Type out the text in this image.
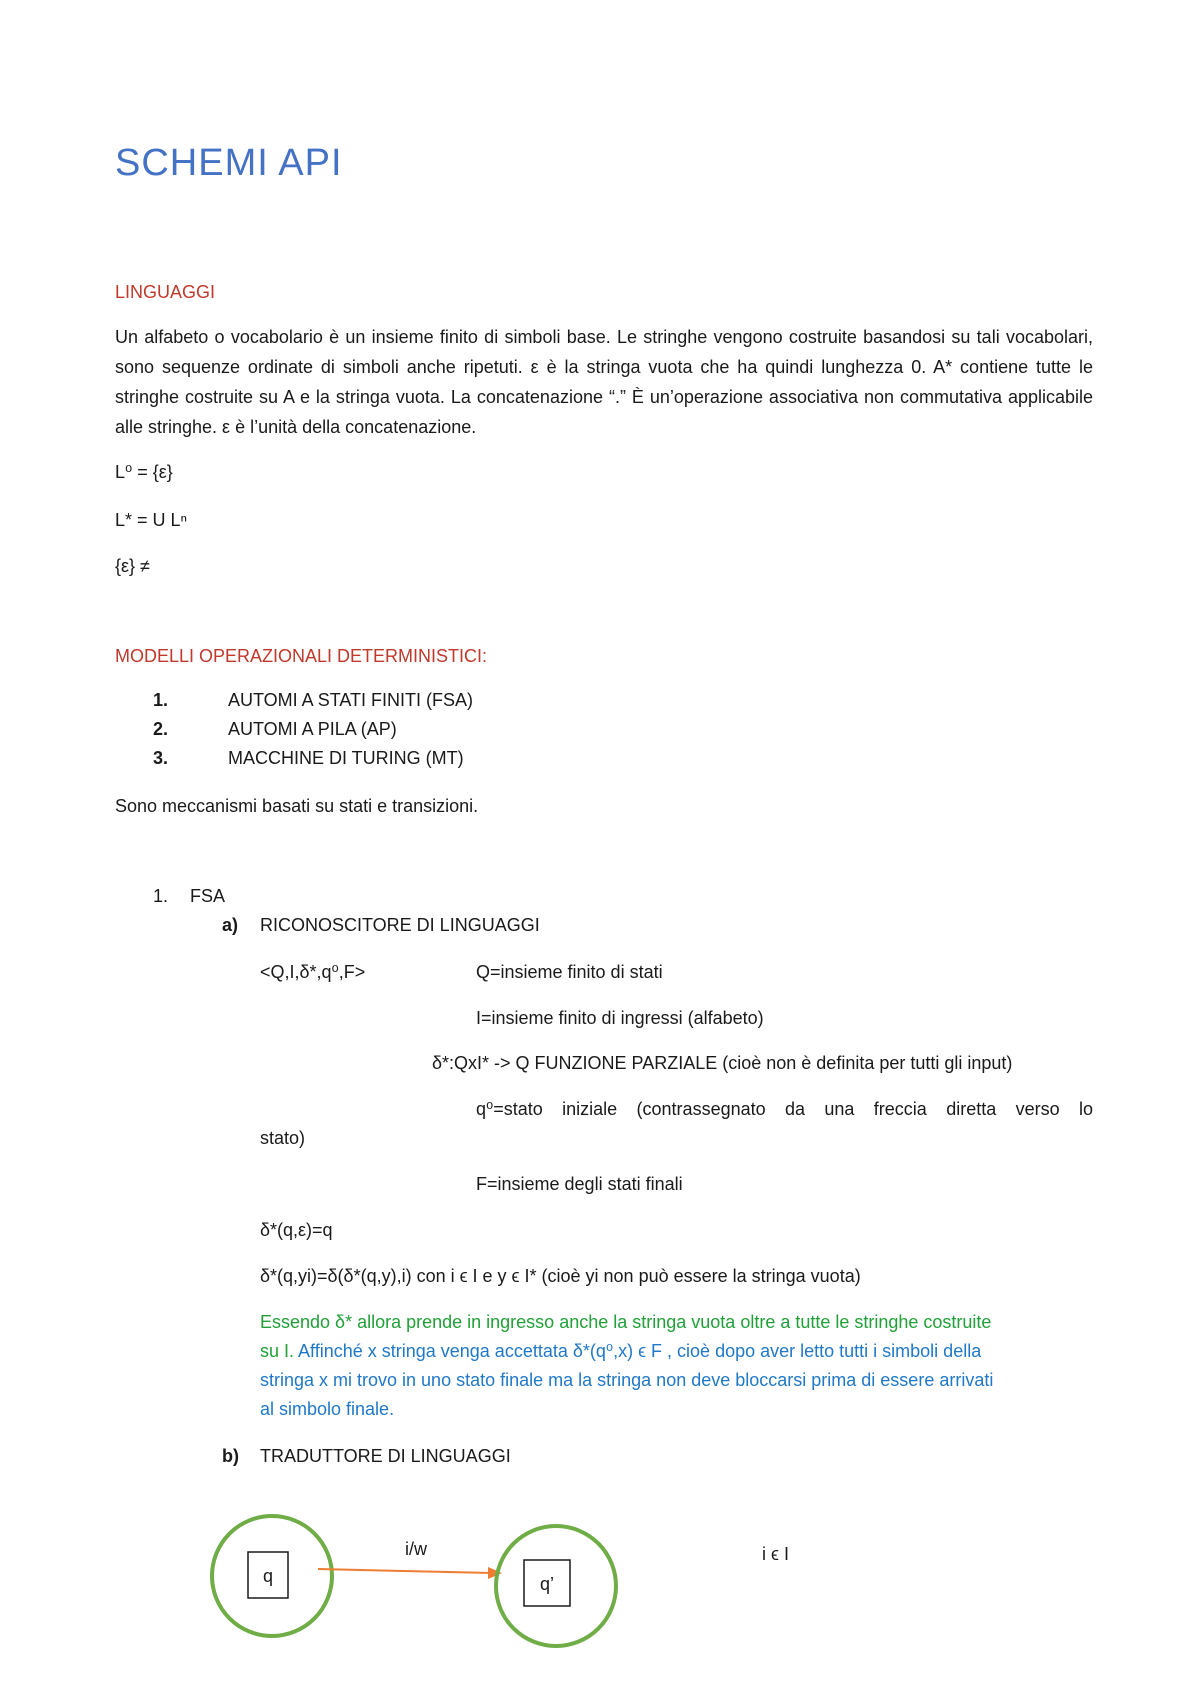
SCHEMI API
LINGUAGGI
Un alfabeto o vocabolario è un insieme finito di simboli base. Le stringhe vengono costruite basandosi su tali vocabolari, sono sequenze ordinate di simboli anche ripetuti. ε è la stringa vuota che ha quindi lunghezza 0. A* contiene tutte le stringhe costruite su A e la stringa vuota. La concatenazione “.” È un’operazione associativa non commutativa applicabile alle stringhe. ε è l’unità della concatenazione.
L⁰ = {ε}
L* = U Lⁿ
{ε} ≠
MODELLI OPERAZIONALI DETERMINISTICI:
1.	AUTOMI A STATI FINITI (FSA)
2.	AUTOMI A PILA (AP)
3.	MACCHINE DI TURING (MT)
Sono meccanismi basati su stati e transizioni.
1. FSA
a) RICONOSCITORE DI LINGUAGGI
<Q,I,δ*,q⁰,F>	Q=insieme finito di stati
I=insieme finito di ingressi (alfabeto)
δ*:QxI* -> Q FUNZIONE PARZIALE (cioè non è definita per tutti gli input)
q⁰=stato iniziale (contrassegnato da una freccia diretta verso lo
stato)
F=insieme degli stati finali
δ*(q,ε)=q
δ*(q,yi)=δ(δ*(q,y),i) con i ϵ I e y ϵ I* (cioè yi non può essere la stringa vuota)
Essendo δ* allora prende in ingresso anche la stringa vuota oltre a tutte le stringhe costruite
su I. Affinché x stringa venga accettata δ*(q⁰,x) ϵ F , cioè dopo aver letto tutti i simboli della
stringa x mi trovo in uno stato finale ma la stringa non deve bloccarsi prima di essere arrivati
al simbolo finale.
b) TRADUTTORE DI LINGUAGGI
q
i/w
q’
i ϵ I
